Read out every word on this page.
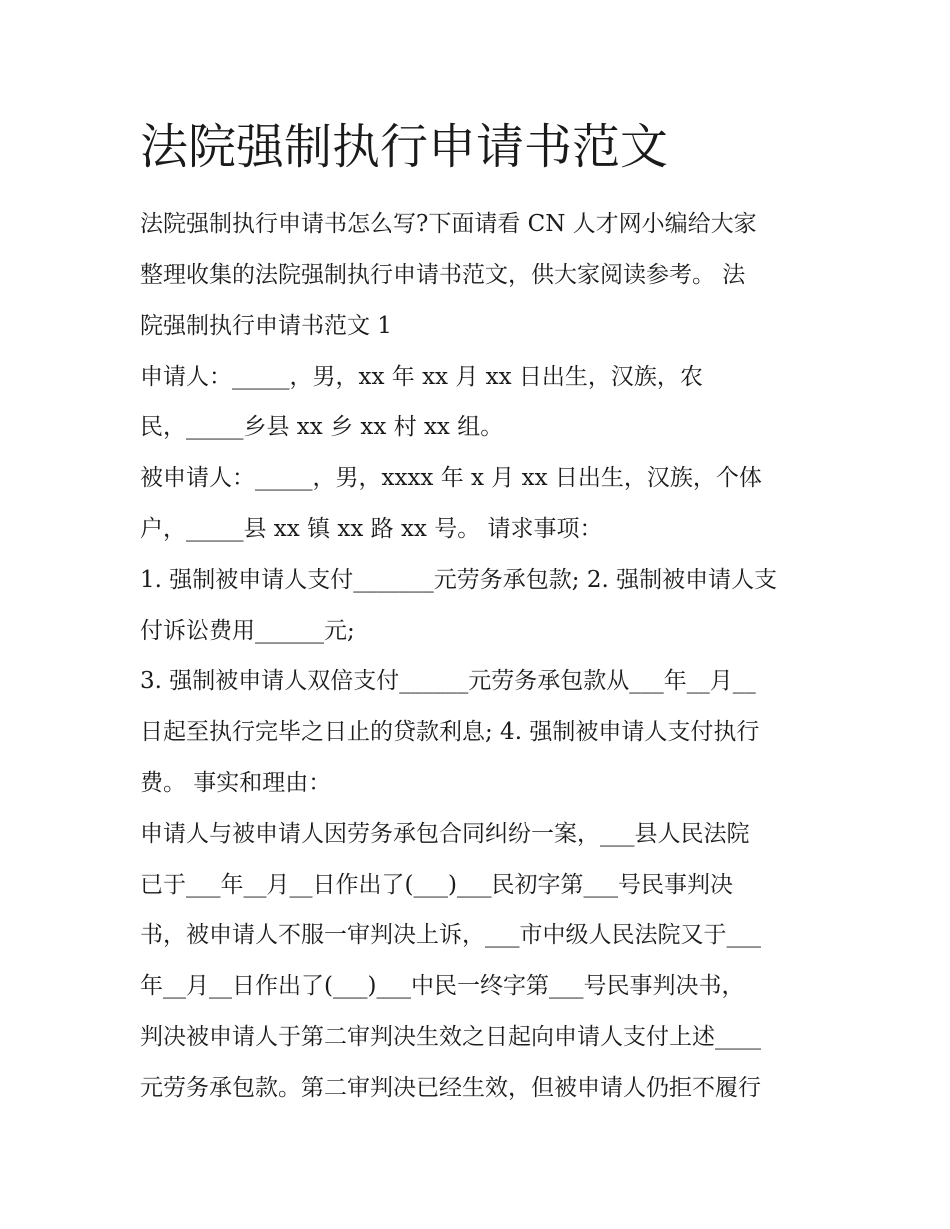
法院强制执行申请书范文

法院强制执行申请书怎么写?下面请看 CN 人才网小编给大家

整理收集的法院强制执行申请书范文，供大家阅读参考。 法

院强制执行申请书范文 1

申请人：_____，男，xx 年 xx 月 xx 日出生，汉族，农

民，_____乡县 xx 乡 xx 村 xx 组。

被申请人：_____，男，xxxx 年 x 月 xx 日出生，汉族，个体

户，_____县 xx 镇 xx 路 xx 号。 请求事项：

1. 强制被申请人支付_______元劳务承包款; 2. 强制被申请人支

付诉讼费用______元;

3. 强制被申请人双倍支付______元劳务承包款从___年__月__

日起至执行完毕之日止的贷款利息; 4. 强制被申请人支付执行

费。 事实和理由：

申请人与被申请人因劳务承包合同纠纷一案，___县人民法院

已于___年__月__日作出了(___)___民初字第___号民事判决

书，被申请人不服一审判决上诉，___市中级人民法院又于___

年__月__日作出了(___)___中民一终字第___号民事判决书，

判决被申请人于第二审判决生效之日起向申请人支付上述____

元劳务承包款。第二审判决已经生效，但被申请人仍拒不履行
